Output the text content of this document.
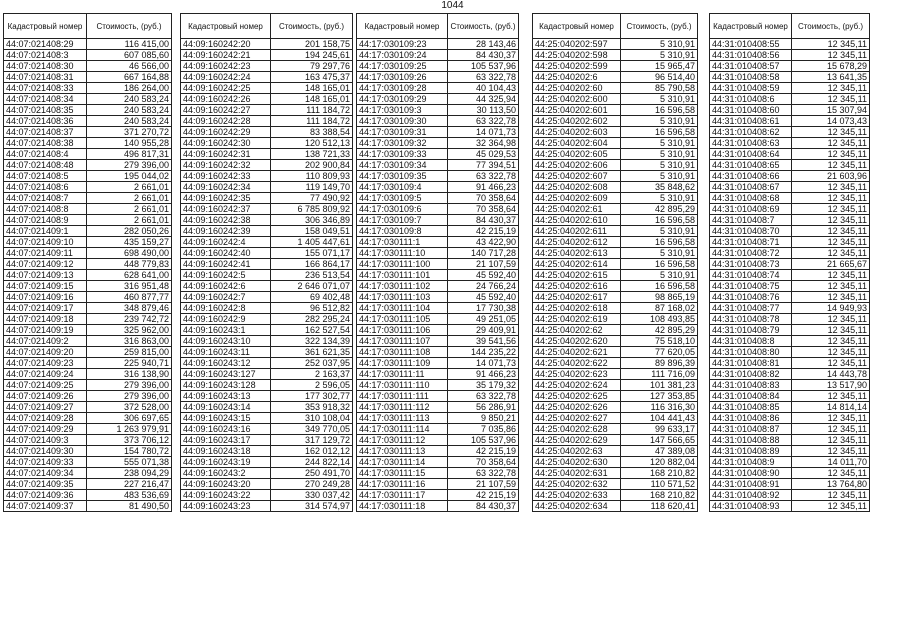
1044
Кадастровый номер	Стоимость, (руб.)
44:07:021408:29	116 415,00
44:07:021408:3	607 085,60
44:07:021408:30	46 566,00
44:07:021408:31	667 164,88
44:07:021408:33	186 264,00
44:07:021408:34	240 583,24
44:07:021408:35	240 583,24
44:07:021408:36	240 583,24
44:07:021408:37	371 270,72
44:07:021408:38	140 955,28
44:07:021408:4	496 817,31
44:07:021408:48	279 396,00
44:07:021408:5	195 044,02
44:07:021408:6	2 661,01
44:07:021408:7	2 661,01
44:07:021408:8	2 661,01
44:07:021408:9	2 661,01
44:07:021409:1	282 050,26
44:07:021409:10	435 159,27
44:07:021409:11	698 490,00
44:07:021409:12	448 779,83
44:07:021409:13	628 641,00
44:07:021409:15	316 951,48
44:07:021409:16	460 877,77
44:07:021409:17	348 879,46
44:07:021409:18	239 742,72
44:07:021409:19	325 962,00
44:07:021409:2	316 863,00
44:07:021409:20	259 815,00
44:07:021409:23	225 940,71
44:07:021409:24	316 138,90
44:07:021409:25	279 396,00
44:07:021409:26	279 396,00
44:07:021409:27	372 528,00
44:07:021409:28	306 697,65
44:07:021409:29	1 263 979,91
44:07:021409:3	373 706,12
44:07:021409:30	154 780,72
44:07:021409:33	555 071,38
44:07:021409:34	238 094,29
44:07:021409:35	227 216,47
44:07:021409:36	483 536,69
44:07:021409:37	81 490,50
Кадастровый номер	Стоимость, (руб.)
44:09:160242:20	201 158,75
44:09:160242:21	194 245,61
44:09:160242:23	79 297,76
44:09:160242:24	163 475,37
44:09:160242:25	148 165,01
44:09:160242:26	148 165,01
44:09:160242:27	111 184,72
44:09:160242:28	111 184,72
44:09:160242:29	83 388,54
44:09:160242:30	120 512,13
44:09:160242:31	138 721,33
44:09:160242:32	202 900,84
44:09:160242:33	110 809,93
44:09:160242:34	119 149,70
44:09:160242:35	77 490,92
44:09:160242:37	6 785 809,92
44:09:160242:38	306 346,89
44:09:160242:39	158 049,51
44:09:160242:4	1 405 447,61
44:09:160242:40	155 071,17
44:09:160242:41	166 864,17
44:09:160242:5	236 513,54
44:09:160242:6	2 646 071,07
44:09:160242:7	69 402,48
44:09:160242:8	96 512,82
44:09:160242:9	282 295,24
44:09:160243:1	162 527,54
44:09:160243:10	322 134,39
44:09:160243:11	361 621,35
44:09:160243:12	252 037,95
44:09:160243:127	2 163,37
44:09:160243:128	2 596,05
44:09:160243:13	177 302,77
44:09:160243:14	353 918,32
44:09:160243:15	310 108,04
44:09:160243:16	349 770,05
44:09:160243:17	317 129,72
44:09:160243:18	162 012,12
44:09:160243:19	244 822,14
44:09:160243:2	250 491,70
44:09:160243:20	270 249,28
44:09:160243:22	330 037,42
44:09:160243:23	314 574,97
Кадастровый номер	Стоимость, (руб.)
44:17:030109:23	28 143,46
44:17:030109:24	84 430,37
44:17:030109:25	105 537,96
44:17:030109:26	63 322,78
44:17:030109:28	40 104,43
44:17:030109:29	44 325,94
44:17:030109:3	30 113,50
44:17:030109:30	63 322,78
44:17:030109:31	14 071,73
44:17:030109:32	32 364,98
44:17:030109:33	45 029,53
44:17:030109:34	77 394,51
44:17:030109:35	63 322,78
44:17:030109:4	91 466,23
44:17:030109:5	70 358,64
44:17:030109:6	70 358,64
44:17:030109:7	84 430,37
44:17:030109:8	42 215,19
44:17:030111:1	43 422,90
44:17:030111:10	140 717,28
44:17:030111:100	21 107,59
44:17:030111:101	45 592,40
44:17:030111:102	24 766,24
44:17:030111:103	45 592,40
44:17:030111:104	17 730,38
44:17:030111:105	49 251,05
44:17:030111:106	29 409,91
44:17:030111:107	39 541,56
44:17:030111:108	144 235,22
44:17:030111:109	14 071,73
44:17:030111:11	91 466,23
44:17:030111:110	35 179,32
44:17:030111:111	63 322,78
44:17:030111:112	56 286,91
44:17:030111:113	9 850,21
44:17:030111:114	7 035,86
44:17:030111:12	105 537,96
44:17:030111:13	42 215,19
44:17:030111:14	70 358,64
44:17:030111:15	63 322,78
44:17:030111:16	21 107,59
44:17:030111:17	42 215,19
44:17:030111:18	84 430,37
Кадастровый номер	Стоимость, (руб.)
44:25:040202:597	5 310,91
44:25:040202:598	5 310,91
44:25:040202:599	15 965,47
44:25:040202:6	96 514,40
44:25:040202:60	85 790,58
44:25:040202:600	5 310,91
44:25:040202:601	16 596,58
44:25:040202:602	5 310,91
44:25:040202:603	16 596,58
44:25:040202:604	5 310,91
44:25:040202:605	5 310,91
44:25:040202:606	5 310,91
44:25:040202:607	5 310,91
44:25:040202:608	35 848,62
44:25:040202:609	5 310,91
44:25:040202:61	42 895,29
44:25:040202:610	16 596,58
44:25:040202:611	5 310,91
44:25:040202:612	16 596,58
44:25:040202:613	5 310,91
44:25:040202:614	16 596,58
44:25:040202:615	5 310,91
44:25:040202:616	16 596,58
44:25:040202:617	98 865,19
44:25:040202:618	87 168,02
44:25:040202:619	108 493,85
44:25:040202:62	42 895,29
44:25:040202:620	75 518,10
44:25:040202:621	77 620,05
44:25:040202:622	89 896,39
44:25:040202:623	111 716,09
44:25:040202:624	101 381,23
44:25:040202:625	127 353,85
44:25:040202:626	116 316,30
44:25:040202:627	104 441,43
44:25:040202:628	99 633,17
44:25:040202:629	147 566,65
44:25:040202:63	47 389,08
44:25:040202:630	120 882,04
44:25:040202:631	168 210,82
44:25:040202:632	110 571,52
44:25:040202:633	168 210,82
44:25:040202:634	118 620,41
Кадастровый номер	Стоимость, (руб.)
44:31:010408:55	12 345,11
44:31:010408:56	12 345,11
44:31:010408:57	15 678,29
44:31:010408:58	13 641,35
44:31:010408:59	12 345,11
44:31:010408:6	12 345,11
44:31:010408:60	15 307,94
44:31:010408:61	14 073,43
44:31:010408:62	12 345,11
44:31:010408:63	12 345,11
44:31:010408:64	12 345,11
44:31:010408:65	12 345,11
44:31:010408:66	21 603,96
44:31:010408:67	12 345,11
44:31:010408:68	12 345,11
44:31:010408:69	12 345,11
44:31:010408:7	12 345,11
44:31:010408:70	12 345,11
44:31:010408:71	12 345,11
44:31:010408:72	12 345,11
44:31:010408:73	21 665,67
44:31:010408:74	12 345,11
44:31:010408:75	12 345,11
44:31:010408:76	12 345,11
44:31:010408:77	14 949,93
44:31:010408:78	12 345,11
44:31:010408:79	12 345,11
44:31:010408:8	12 345,11
44:31:010408:80	12 345,11
44:31:010408:81	12 345,11
44:31:010408:82	14 443,78
44:31:010408:83	13 517,90
44:31:010408:84	12 345,11
44:31:010408:85	14 814,14
44:31:010408:86	12 345,11
44:31:010408:87	12 345,11
44:31:010408:88	12 345,11
44:31:010408:89	12 345,11
44:31:010408:9	14 011,70
44:31:010408:90	12 345,11
44:31:010408:91	13 764,80
44:31:010408:92	12 345,11
44:31:010408:93	12 345,11
